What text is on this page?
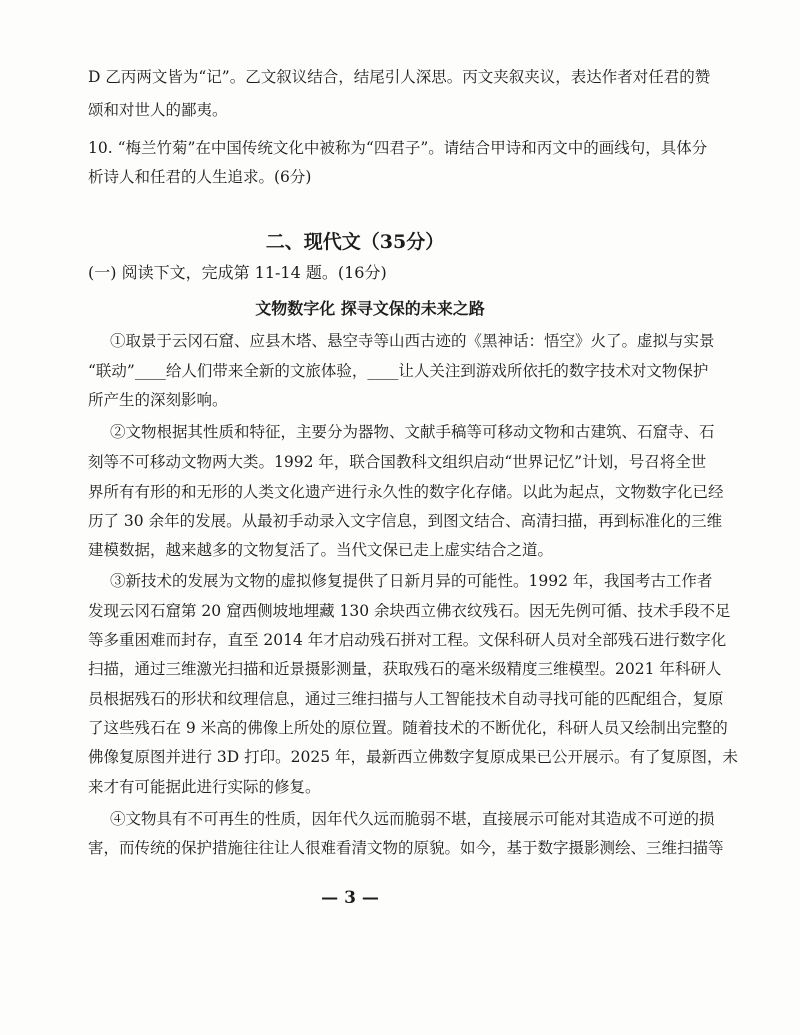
D 乙丙两文皆为“记”。乙文叙议结合，结尾引人深思。丙文夹叙夹议，表达作者对任君的赞

颂和对世人的鄙夷。

10. “梅兰竹菊”在中国传统文化中被称为“四君子”。请结合甲诗和丙文中的画线句，具体分

析诗人和任君的人生追求。(6分)

二、现代文（35分）

(一) 阅读下文，完成第 11-14 题。(16分)

文物数字化 探寻文保的未来之路

①取景于云冈石窟、应县木塔、悬空寺等山西古迹的《黑神话：悟空》火了。虚拟与实景

“联动”____给人们带来全新的文旅体验，____让人关注到游戏所依托的数字技术对文物保护

所产生的深刻影响。

②文物根据其性质和特征，主要分为器物、文献手稿等可移动文物和古建筑、石窟寺、石

刻等不可移动文物两大类。1992 年，联合国教科文组织启动“世界记忆”计划，号召将全世

界所有有形的和无形的人类文化遗产进行永久性的数字化存储。以此为起点，文物数字化已经

历了 30 余年的发展。从最初手动录入文字信息，到图文结合、高清扫描，再到标准化的三维

建模数据，越来越多的文物复活了。当代文保已走上虚实结合之道。

③新技术的发展为文物的虚拟修复提供了日新月异的可能性。1992 年，我国考古工作者

发现云冈石窟第 20 窟西侧坡地埋藏 130 余块西立佛衣纹残石。因无先例可循、技术手段不足

等多重困难而封存，直至 2014 年才启动残石拼对工程。文保科研人员对全部残石进行数字化

扫描，通过三维激光扫描和近景摄影测量，获取残石的毫米级精度三维模型。2021 年科研人

员根据残石的形状和纹理信息，通过三维扫描与人工智能技术自动寻找可能的匹配组合，复原

了这些残石在 9 米高的佛像上所处的原位置。随着技术的不断优化，科研人员又绘制出完整的

佛像复原图并进行 3D 打印。2025 年，最新西立佛数字复原成果已公开展示。有了复原图，未

来才有可能据此进行实际的修复。

④文物具有不可再生的性质，因年代久远而脆弱不堪，直接展示可能对其造成不可逆的损

害，而传统的保护措施往往让人很难看清文物的原貌。如今，基于数字摄影测绘、三维扫描等

— 3 —
